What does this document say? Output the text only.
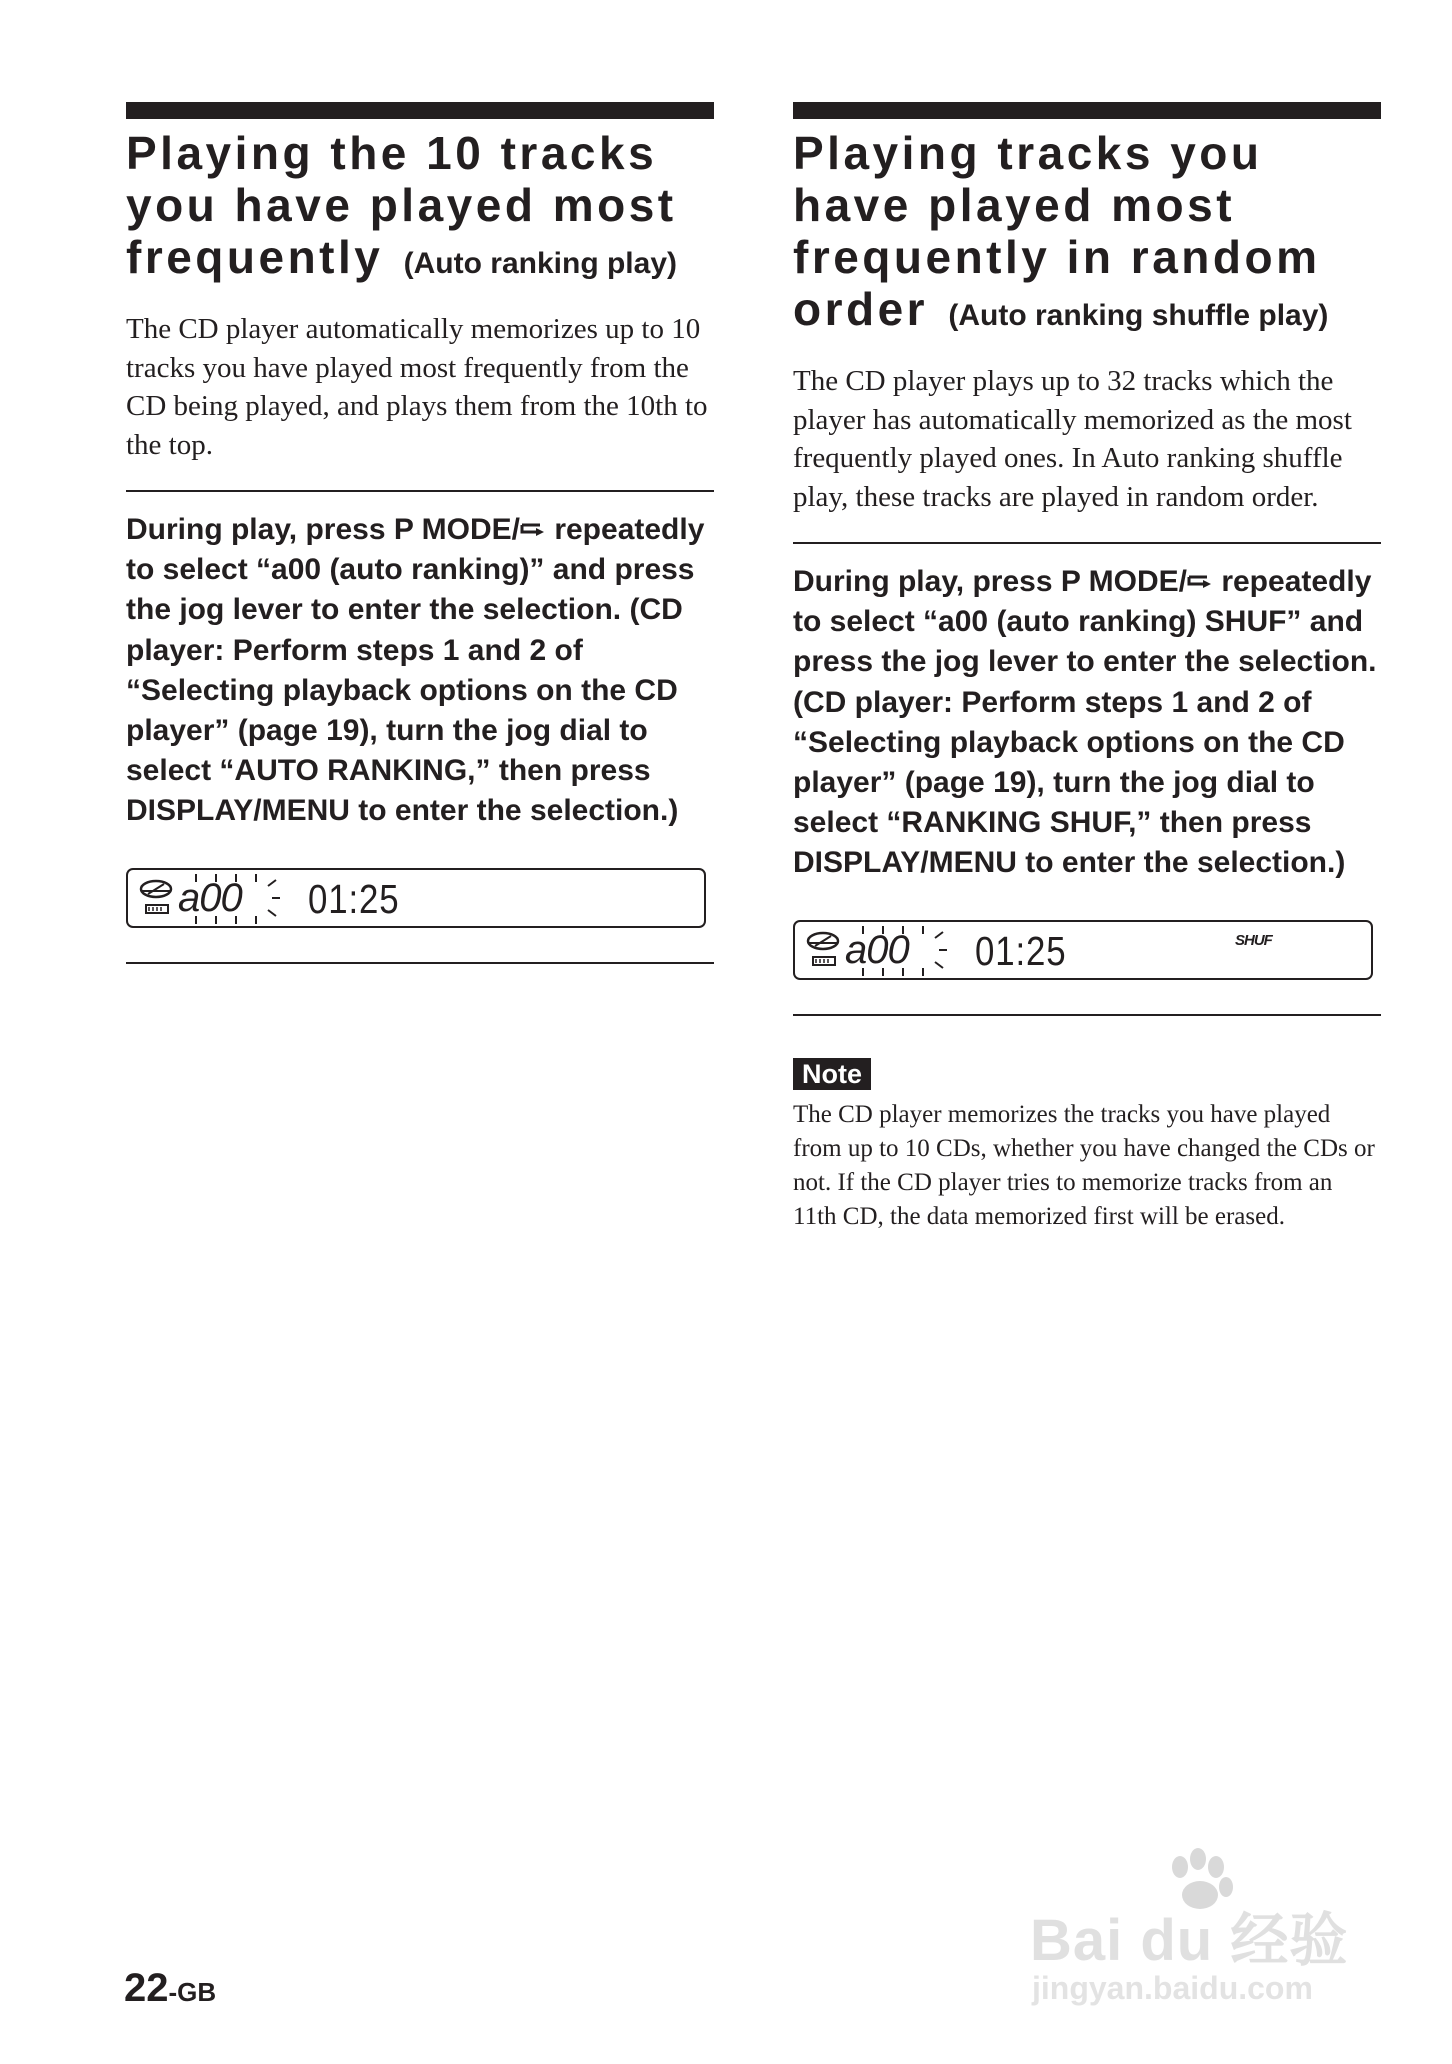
Playing the 10 tracks you have played most frequently (Auto ranking play)

The CD player automatically memorizes up to 10 tracks you have played most frequently from the CD being played, and plays them from the 10th to the top.

During play, press P MODE/ repeatedly to select “a00 (auto ranking)” and press the jog lever to enter the selection. (CD player: Perform steps 1 and 2 of “Selecting playback options on the CD player” (page 19), turn the jog dial to select “AUTO RANKING,” then press DISPLAY/MENU to enter the selection.)

a00 01:25
Playing tracks you have played most frequently in random order (Auto ranking shuffle play)

The CD player plays up to 32 tracks which the player has automatically memorized as the most frequently played ones. In Auto ranking shuffle play, these tracks are played in random order.

During play, press P MODE/ repeatedly to select “a00 (auto ranking) SHUF” and press the jog lever to enter the selection. (CD player: Perform steps 1 and 2 of “Selecting playback options on the CD player” (page 19), turn the jog dial to select “RANKING SHUF,” then press DISPLAY/MENU to enter the selection.)

a00 01:25	SHUF
Note

The CD player memorizes the tracks you have played from up to 10 CDs, whether you have changed the CDs or not. If the CD player tries to memorize tracks from an 11th CD, the data memorized first will be erased.

22-GB
Bai du 经验
jingyan.baidu.com
